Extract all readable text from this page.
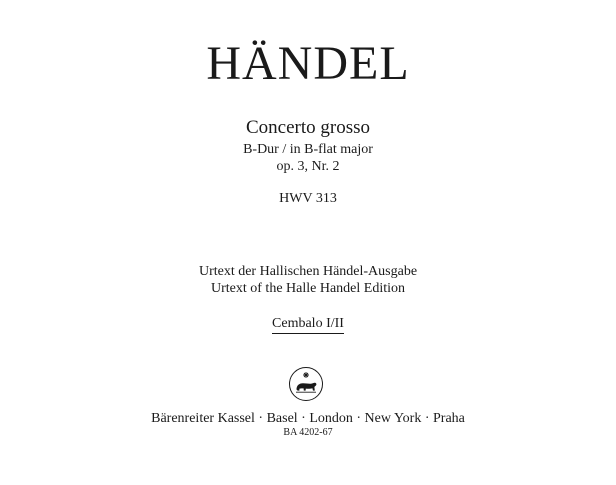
HÄNDEL
Concerto grosso
B-Dur / in B-flat major
op. 3, Nr. 2
HWV 313
Urtext der Hallischen Händel-Ausgabe
Urtext of the Halle Handel Edition
Cembalo I/II
Bärenreiter Kassel · Basel · London · New York · Praha
BA 4202-67
